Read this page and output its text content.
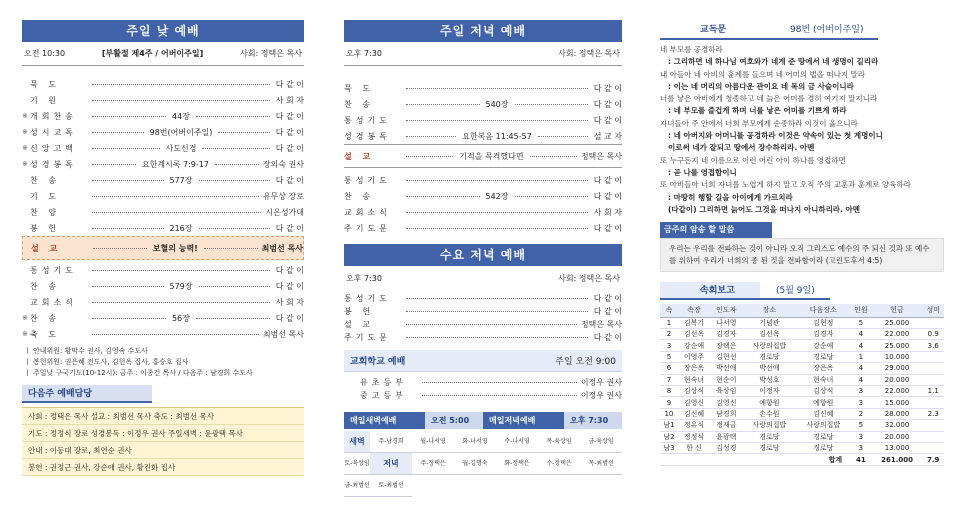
주일 낮 예배
오전 10:30	[부활절 제4주 / 어버이주일]	사회: 정택은 목사
묵 도	다 같 이
기 원	사 회 자
※ 개회찬송	44장	다 같 이
※ 성시교독	98번(어버이주일)	다 같 이
※ 신앙고백	사도신경	다 같 이
※ 성경봉독	요한계시록 7:9-17	장의숙 권사
찬 송	577장	다 같 이
기 도	유무상 장로
찬 양	시온성가대
봉 헌	216장	다 같 이
설 교	보혈의 능력!	최범선 목사
통성기도	다 같 이
찬 송	579장	다 같 이
교회소식	사 회 자
※ 찬 송	56장	다 같 이
※ 축 도	최범선 목사
ㅣ 안내위원: 황막수 권사, 김영숙 수도사
ㅣ 봉헌위원: 권은혜 전도사, 김헌옥 집사, 홍승호 집사
ㅣ 주일낮 구국기도(10-12시): 금주 : 이종건 목사 / 다음주 : 남경희 수도사
다음주 예배담당
사회 : 정택은 목사 설교 : 최범선 목사 축도 : 최범선 목사
기도 : 정정식 장로 성경봉독 : 이정우 권사 주일새벽 : 윤광택 목사
안내 : 이동대 장로, 최연순 권사
봉헌 : 권정근 권사, 강순애 권사, 황진화 집사
주일 저녁 예배
오후 7:30	사회: 정택은 목사
묵 도	다 같 이
찬 송	540장	다 같 이
통성기도	다 같 이
성경봉독	요한복음 11:45-57	설 교 자
설 교	기적을 목격했다면	정택은 목사
통성기도	다 같 이
찬 송	542장	다 같 이
교회소식	사 회 자
주기도문	다 같 이
수요 저녁 예배
오후 7:30	사회: 정택은 목사
통성기도	다 같 이
봉 헌	다 같 이
설 교	정택은 목사
주기도문	다 같 이
교회학교 예배	주일 오전 9:00
유초등부	이정우 권사
중고등부	이정우 권사
매일새벽예배	오전 5:00	매일저녁예배	오후 7:30
새벽	주-남경희	월-나서영	화-나서영	수-나서영	목-육상임	금-육상임
토-육상임	저녁	주-정택은	월-김명숙	화-정택은	수-정택은	목-최범선
금-최범선	토-최범선
교독문	98번 (어버이주일)
네 부모를 공경하라
: 그리하면 네 하나님 여호와가 네게 준 땅에서 네 생명이 길리라
내 아들아 네 아비의 훈계를 들으며 네 어미의 법을 떠나지 말라
: 이는 네 머리의 아름다운 관이요 네 목의 금 사슬이니라
너를 낳은 아비에게 청종하고 네 늙은 어미를 경히 여기지 말지니라
: 네 부모를 즐겁게 하며 너를 낳은 어미를 기쁘게 하라
자녀들아 주 안에서 너희 부모에게 순종하라 이것이 옳으니라
: 네 아버지와 어머니를 공경하라 이것은 약속이 있는 첫 계명이니
이로써 네가 잘되고 땅에서 장수하리라. 아멘
또 누구든지 네 이름으로 이런 어린 아이 하나를 영접하면
: 곧 나를 영접함이니
또 아비들아 너희 자녀를 노엽게 하지 말고 오직 주의 교훈과 훈계로 양육하라
: 마땅히 행할 길을 아이에게 가르치라
(다같이) 그리하면 늙어도 그것을 떠나지 아니하리라. 아멘
금주의 암송 할 말씀
우리는 우리를 전파하는 것이 아니라 오직 그리스도 예수의 주 되신 것과 또 예수를 위하여 우리가 너희의 종 된 것을 전파함이라 (고린도후서 4:5)
속회보고	(5월 9일)
속	속장	인도자	장소	다음장소	인원	헌금	성미
1	김복기	나서영	기념관	김현정	5	25.000	
2	김선옥	김경자	김선옥	김경자	4	22.000	0.9
3	강순애	장택은	사랑의집밥	강순애	4	25.000	3.6
5	이영주	김현선	경로당	경로당	1	10.000	
6	장은옥	박선애	박선애	장은옥	4	29.000	
7	현숙녀	현순이	박성호	현숙녀	4	20.000	
8	김상식	육상임	이정자	김상식	3	22.000	1.1
9	김영신	김영신	예향원	예향원	3	15.000	
10	김신혜	남경희	손수원	김신혜	2	28.000	2.3
남1	정유식	정재금	사랑의집밥	사랑의집밥	5	32.000	
남2	정정식	윤광택	경로당	경로당	3	20.000	
남3	한 신	김성경	경로당	경로당	3	13.000	
합계					41	261.000	7.9
